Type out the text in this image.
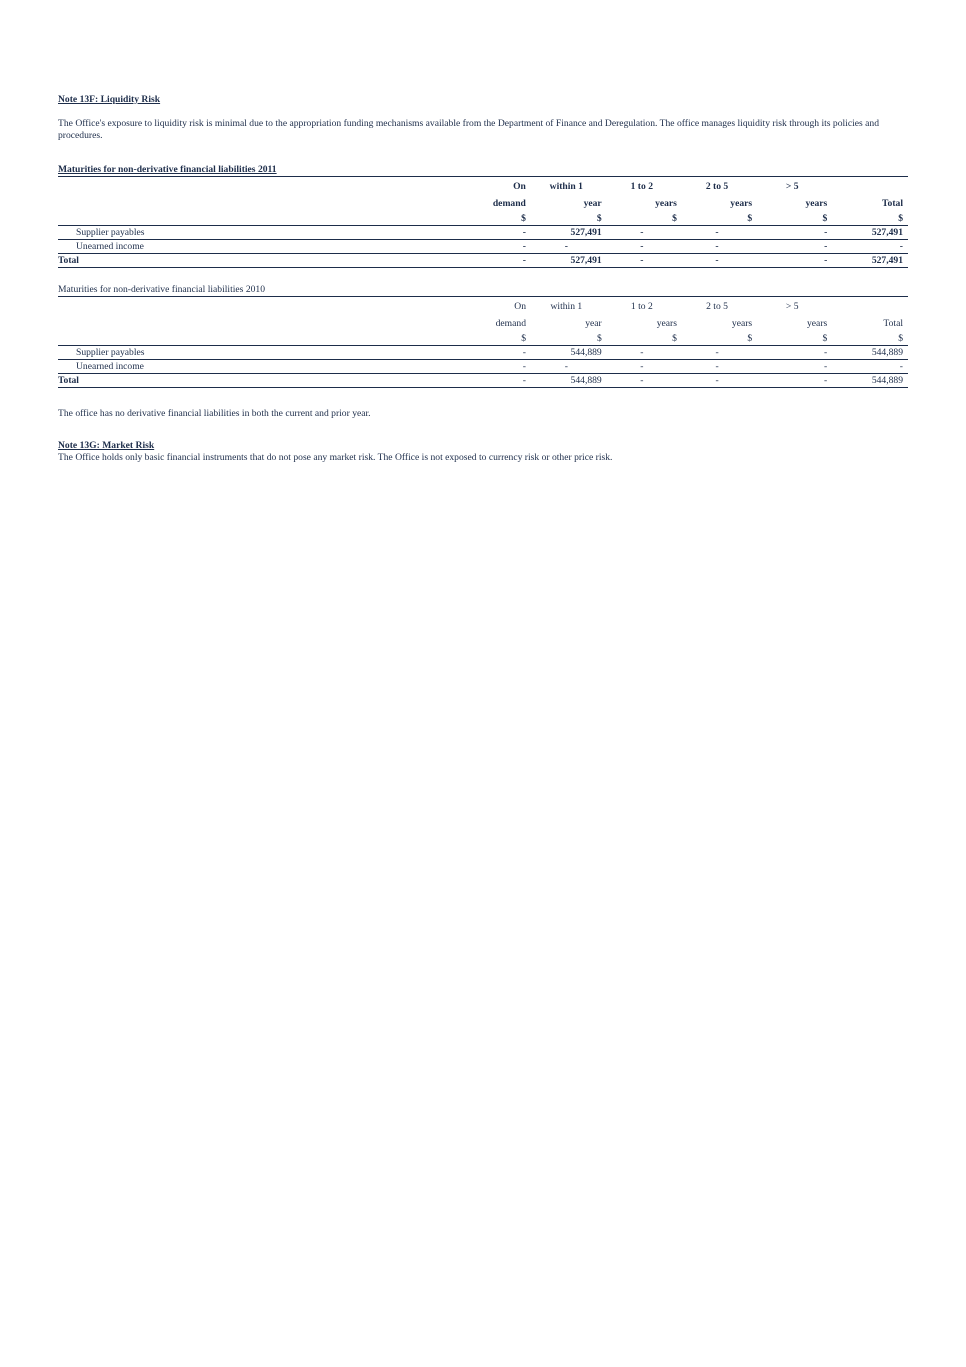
Note 13F: Liquidity Risk
The Office's exposure to liquidity risk is minimal due to the appropriation funding mechanisms available from the Department of Finance and Deregulation. The office manages liquidity risk through its policies and procedures.
Maturities for non-derivative financial liabilities 2011
	On	within 1	1 to 2	2 to 5	> 5	
	demand	year	years	years	years	Total
	$	$	$	$	$	$
Supplier payables	-	527,491	-	-	-	527,491
Unearned income	-	-	-	-	-	-
Total	-	527,491	-	-	-	527,491
Maturities for non-derivative financial liabilities 2010
	On	within 1	1 to 2	2 to 5	> 5	
	demand	year	years	years	years	Total
	$	$	$	$	$	$
Supplier payables	-	544,889	-	-	-	544,889
Unearned income	-	-	-	-	-	-
Total	-	544,889	-	-	-	544,889
The office has no derivative financial liabilities in both the current and prior year.
Note 13G: Market Risk
The Office holds only basic financial instruments that do not pose any market risk. The Office is not exposed to currency risk or other price risk.
